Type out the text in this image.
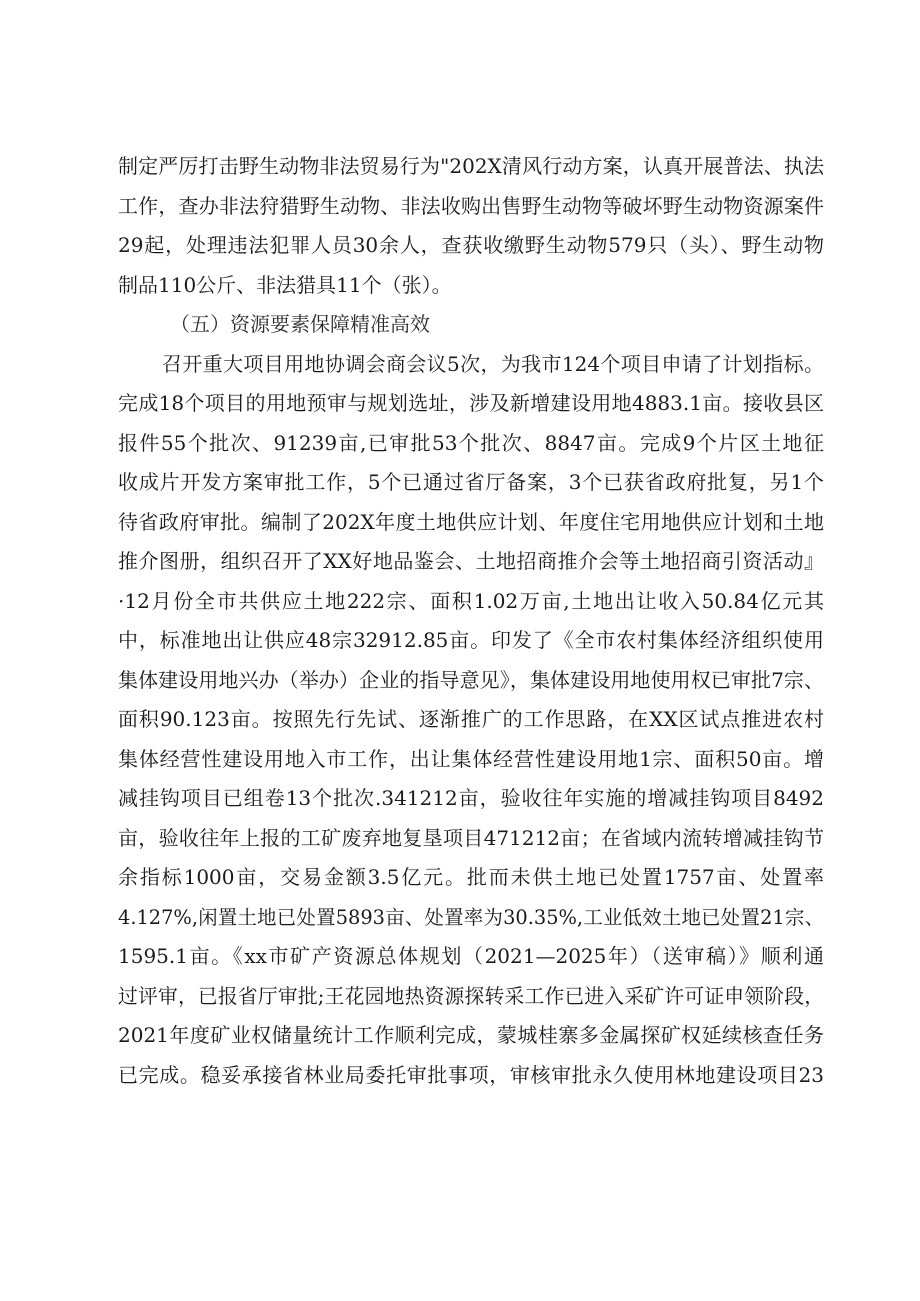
制定严厉打击野生动物非法贸易行为"202X清风行动方案，认真开展普法、执法
工作，查办非法狩猎野生动物、非法收购出售野生动物等破坏野生动物资源案件
29起，处理违法犯罪人员30余人，查获收缴野生动物579只（头）、野生动物
制品110公斤、非法猎具11个（张）。
（五）资源要素保障精准高效
召开重大项目用地协调会商会议5次，为我市124个项目申请了计划指标。
完成18个项目的用地预审与规划选址，涉及新增建设用地4883.1亩。接收县区
报件55个批次、91239亩,已审批53个批次、8847亩。完成9个片区土地征
收成片开发方案审批工作，5个已通过省厅备案，3个已获省政府批复，另1个
待省政府审批。编制了202X年度土地供应计划、年度住宅用地供应计划和土地
推介图册，组织召开了XX好地品鉴会、土地招商推介会等土地招商引资活动』
·12月份全市共供应土地222宗、面积1.02万亩,土地出让收入50.84亿元其
中，标准地出让供应48宗32912.85亩。印发了《全市农村集体经济组织使用
集体建设用地兴办（举办）企业的指导意见》，集体建设用地使用权已审批7宗、
面积90.123亩。按照先行先试、逐渐推广的工作思路，在XX区试点推进农村
集体经营性建设用地入市工作，出让集体经营性建设用地1宗、面积50亩。增
减挂钩项目已组卷13个批次.341212亩，验收往年实施的增减挂钩项目8492
亩，验收往年上报的工矿废弃地复垦项目471212亩；在省域内流转增减挂钩节
余指标1000亩，交易金额3.5亿元。批而未供土地已处置1757亩、处置率
4.127%,闲置土地已处置5893亩、处置率为30.35%,工业低效土地已处置21宗、
1595.1亩。《xx市矿产资源总体规划（2021—2025年）（送审稿）》顺利通
过评审，已报省厅审批;王花园地热资源探转采工作已进入采矿许可证申领阶段，
2021年度矿业权储量统计工作顺利完成，蒙城桂寨多金属探矿权延续核查任务
已完成。稳妥承接省林业局委托审批事项，审核审批永久使用林地建设项目23
